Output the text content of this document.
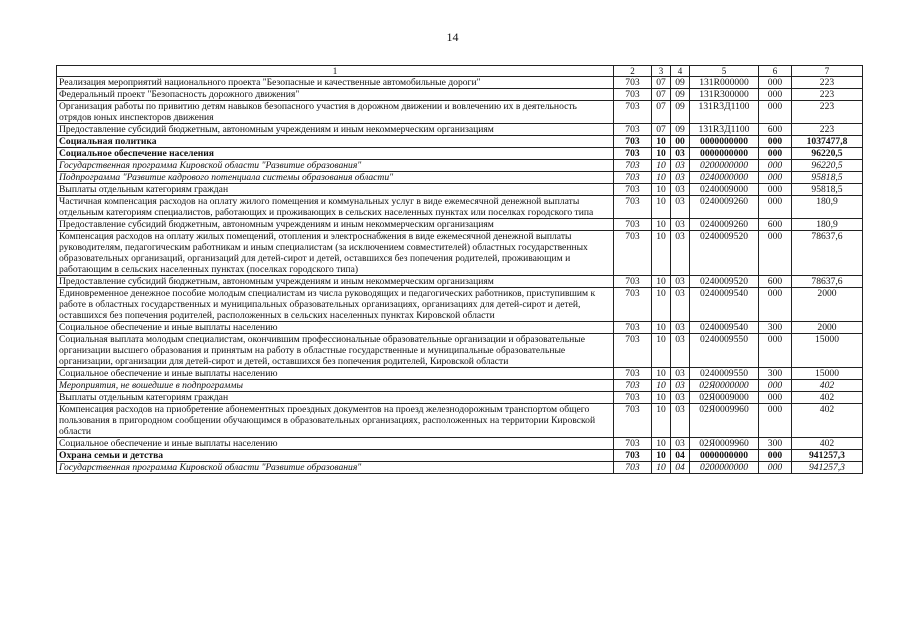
14
1	2	3	4	5	6	7
Реализация мероприятий национального проекта "Безопасные и качественные автомобильные дороги"	703	07	09	131R000000	000	223
Федеральный проект "Безопасность дорожного движения"	703	07	09	131R300000	000	223
Организация работы по привитию детям навыков безопасного участия в дорожном движении и вовлечению их в деятельность отрядов юных инспекторов движения	703	07	09	131R3Д1100	000	223
Предоставление субсидий бюджетным, автономным учреждениям и иным некоммерческим организациям	703	07	09	131R3Д1100	600	223
Социальная политика	703	10	00	0000000000	000	1037477,8
Социальное обеспечение населения	703	10	03	0000000000	000	96220,5
Государственная программа Кировской области "Развитие образования"	703	10	03	0200000000	000	96220,5
Подпрограмма "Развитие кадрового потенциала системы образования области"	703	10	03	0240000000	000	95818,5
Выплаты отдельным категориям граждан	703	10	03	0240009000	000	95818,5
Частичная компенсация расходов на оплату жилого помещения и коммунальных услуг в виде ежемесячной денежной выплаты отдельным категориям специалистов, работающих и проживающих в сельских населенных пунктах или поселках городского типа	703	10	03	0240009260	000	180,9
Предоставление субсидий бюджетным, автономным учреждениям и иным некоммерческим организациям	703	10	03	0240009260	600	180,9
Компенсация расходов на оплату жилых помещений, отопления и электроснабжения в виде ежемесячной денежной выплаты руководителям, педагогическим работникам и иным специалистам (за исключением совместителей) областных государственных образовательных организаций, организаций для детей-сирот и детей, оставшихся без попечения родителей, проживающим и работающим в сельских населенных пунктах (поселках городского типа)	703	10	03	0240009520	000	78637,6
Предоставление субсидий бюджетным, автономным учреждениям и иным некоммерческим организациям	703	10	03	0240009520	600	78637,6
Единовременное денежное пособие молодым специалистам из числа руководящих и педагогических работников, приступившим к работе в областных государственных и муниципальных образовательных организациях, организациях для детей-сирот и детей, оставшихся без попечения родителей, расположенных в сельских населенных пунктах Кировской области	703	10	03	0240009540	000	2000
Социальное обеспечение и иные выплаты населению	703	10	03	0240009540	300	2000
Социальная выплата молодым специалистам, окончившим профессиональные образовательные организации и образовательные организации высшего образования и принятым на работу в областные государственные и муниципальные образовательные организации, организации для детей-сирот и детей, оставшихся без попечения родителей, Кировской области	703	10	03	0240009550	000	15000
Социальное обеспечение и иные выплаты населению	703	10	03	0240009550	300	15000
Мероприятия, не вошедшие в подпрограммы	703	10	03	02Я0000000	000	402
Выплаты отдельным категориям граждан	703	10	03	02Я0009000	000	402
Компенсация расходов на приобретение абонементных проездных документов на проезд железнодорожным транспортом общего пользования в пригородном сообщении обучающимся в образовательных организациях, расположенных на территории Кировской области	703	10	03	02Я0009960	000	402
Социальное обеспечение и иные выплаты населению	703	10	03	02Я0009960	300	402
Охрана семьи и детства	703	10	04	0000000000	000	941257,3
Государственная программа Кировской области "Развитие образования"	703	10	04	0200000000	000	941257,3
